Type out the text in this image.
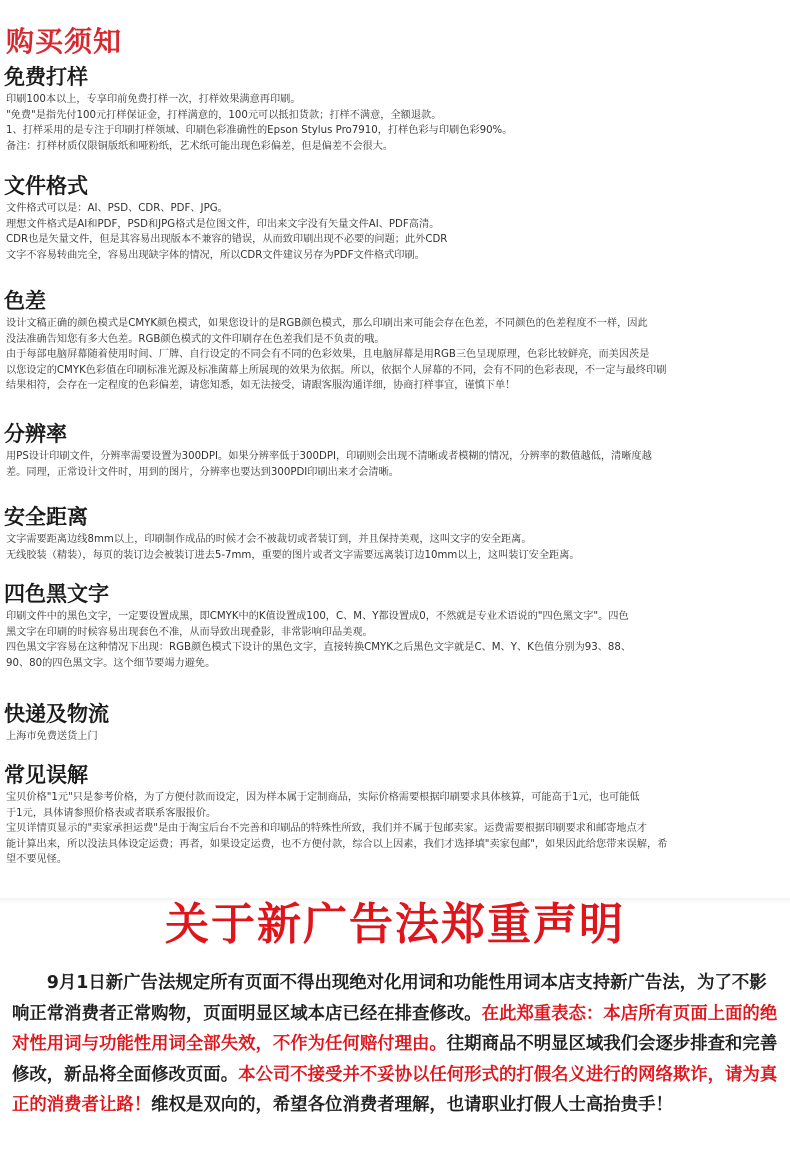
购买须知
免费打样
印刷100本以上，专享印前免费打样一次，打样效果满意再印刷。
"免费"是指先付100元打样保证金，打样满意的，100元可以抵扣货款；打样不满意，全额退款。
1、打样采用的是专注于印刷打样领域、印刷色彩准确性的Epson Stylus Pro7910，打样色彩与印刷色彩90%。
备注：打样材质仅限铜版纸和哑粉纸，艺术纸可能出现色彩偏差，但是偏差不会很大。
文件格式
文件格式可以是：AI、PSD、CDR、PDF、JPG。
理想文件格式是AI和PDF，PSD和JPG格式是位图文件，印出来文字没有矢量文件AI、PDF高清。
CDR也是矢量文件，但是其容易出现版本不兼容的错误，从而致印刷出现不必要的问题；此外CDR
文字不容易转曲完全，容易出现缺字体的情况，所以CDR文件建议另存为PDF文件格式印刷。
色差
设计文稿正确的颜色模式是CMYK颜色模式，如果您设计的是RGB颜色模式，那么印刷出来可能会存在色差，不同颜色的色差程度不一样，因此
没法准确告知您有多大色差。RGB颜色模式的文件印刷存在色差我们是不负责的哦。
由于每部电脑屏幕随着使用时间、厂牌、自行设定的不同会有不同的色彩效果，且电脑屏幕是用RGB三色呈现原理，色彩比较鲜亮，而美因茨是
以您设定的CMYK色彩值在印刷标准光源及标准菌幕上所展现的效果为依据。所以，依据个人屏幕的不同，会有不同的色彩表现，不一定与最终印刷
结果相符，会存在一定程度的色彩偏差，请您知悉，如无法接受，请跟客服沟通详细，协商打样事宜，谨慎下单！
分辨率
用PS设计印刷文件，分辨率需要设置为300DPI。如果分辨率低于300DPI，印刷则会出现不清晰或者模糊的情况，分辨率的数值越低，清晰度越
差。同理，正常设计文件时，用到的图片，分辨率也要达到300PDI印刷出来才会清晰。
安全距离
文字需要距离边线8mm以上，印刷制作成品的时候才会不被裁切或者装订到，并且保持美观，这叫文字的安全距离。
无线胶装（精装），每页的装订边会被装订进去5-7mm，重要的图片或者文字需要远离装订边10mm以上，这叫装订安全距离。
四色黑文字
印刷文件中的黑色文字，一定要设置成黑，即CMYK中的K值设置成100，C、M、Y都设置成0，不然就是专业术语说的"四色黑文字"。四色
黑文字在印刷的时候容易出现套色不准，从而导致出现叠影，非常影响印品美观。
四色黑文字容易在这种情况下出现：RGB颜色模式下设计的黑色文字，直接转换CMYK之后黑色文字就是C、M、Y、K色值分别为93、88、
90、80的四色黑文字。这个细节要竭力避免。
快递及物流
上海市免费送货上门
常见误解
宝贝价格"1元"只是参考价格，为了方便付款而设定，因为样本属于定制商品，实际价格需要根据印刷要求具体核算，可能高于1元，也可能低
于1元，具体请参照价格表或者联系客服报价。
宝贝详情页显示的"卖家承担运费"是由于淘宝后台不完善和印刷品的特殊性所致，我们并不属于包邮卖家。运费需要根据印刷要求和邮寄地点才
能计算出来，所以没法具体设定运费；再者，如果设定运费，也不方便付款，综合以上因素，我们才选择填"卖家包邮"，如果因此给您带来误解，希
望不要见怪。
关于新广告法郑重声明
9月1日新广告法规定所有页面不得出现绝对化用词和功能性用词本店支持新广告法，为了不影响正常消费者正常购物，页面明显区域本店已经在排查修改。在此郑重表态：本店所有页面上面的绝对性用词与功能性用词全部失效，不作为任何赔付理由。往期商品不明显区域我们会逐步排查和完善修改，新品将全面修改页面。本公司不接受并不妥协以任何形式的打假名义进行的网络欺诈，请为真正的消费者让路！维权是双向的，希望各位消费者理解，也请职业打假人士高抬贵手！
